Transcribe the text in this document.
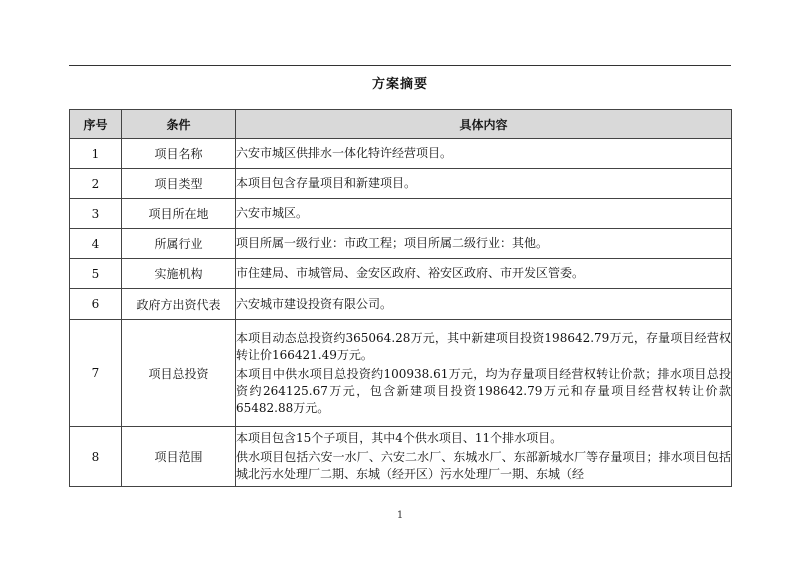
方案摘要
序号	条件	具体内容
1	项目名称	六安市城区供排水一体化特许经营项目。

2	项目类型	本项目包含存量项目和新建项目。

3	项目所在地	六安市城区。

4	所属行业	项目所属一级行业：市政工程；项目所属二级行业：其他。

5	实施机构	市住建局、市城管局、金安区政府、裕安区政府、市开发区管委。

6	政府方出资代表	六安城市建设投资有限公司。

7	项目总投资	本项目动态总投资约365064.28万元，其中新建项目投资198642.79万元，存量项目经营权转让价166421.49万元。
本项目中供水项目总投资约100938.61万元，均为存量项目经营权转让价款；排水项目总投资约264125.67万元，包含新建项目投资198642.79万元和存量项目经营权转让价款65482.88万元。

8	项目范围	本项目包含15个子项目，其中4个供水项目、11个排水项目。
供水项目包括六安一水厂、六安二水厂、东城水厂、东部新城水厂等存量项目；排水项目包括城北污水处理厂二期、东城（经开区）污水处理厂一期、东城（经
1
